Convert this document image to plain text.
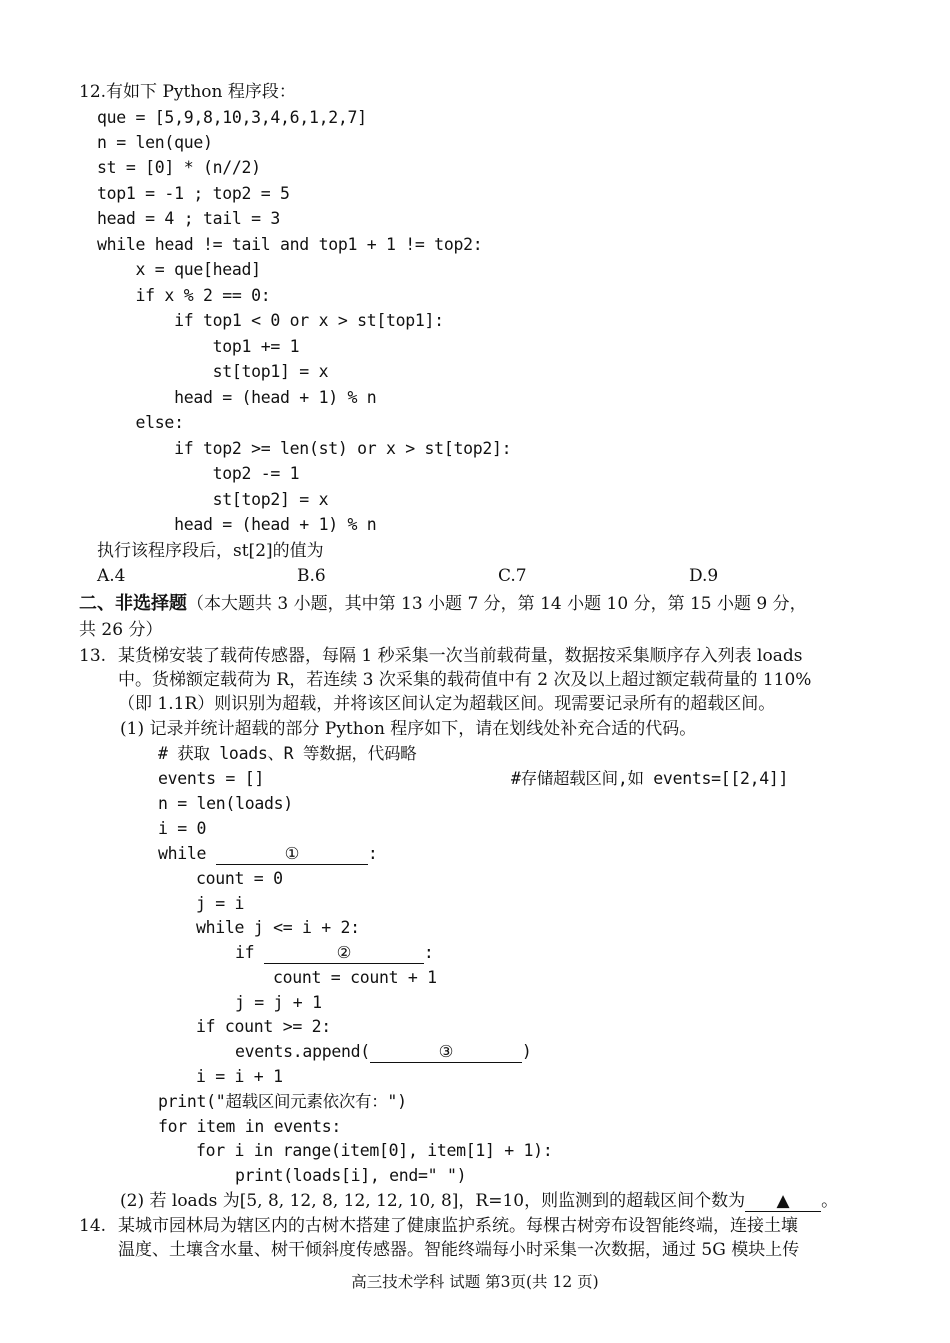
12.有如下 Python 程序段：
que = [5,9,8,10,3,4,6,1,2,7]
n = len(que)
st = [0] * (n//2)
top1 = -1 ; top2 = 5
head = 4 ; tail = 3
while head != tail and top1 + 1 != top2:
x = que[head]
if x % 2 == 0:
if top1 < 0 or x > st[top1]:
top1 += 1
st[top1] = x
head = (head + 1) % n
else:
if top2 >= len(st) or x > st[top2]:
top2 -= 1
st[top2] = x
head = (head + 1) % n
执行该程序段后，st[2]的值为
A.4	B.6	C.7	D.9
二、非选择题（本大题共 3 小题，其中第 13 小题 7 分，第 14 小题 10 分，第 15 小题 9 分，
共 26 分）
13. 某货梯安装了载荷传感器，每隔 1 秒采集一次当前载荷量，数据按采集顺序存入列表 loads
中。货梯额定载荷为 R，若连续 3 次采集的载荷值中有 2 次及以上超过额定载荷量的 110%
（即 1.1R）则识别为超载，并将该区间认定为超载区间。现需要记录所有的超载区间。
(1) 记录并统计超载的部分 Python 程序如下，请在划线处补充合适的代码。
# 获取 loads、R 等数据，代码略
events = []	#存储超载区间,如 events=[[2,4]]
n = len(loads)
i = 0
while	①	:
count = 0
j = i
while j <= i + 2:
if	②	:
count = count + 1
j = j + 1
if count >= 2:
events.append(	③	)
i = i + 1
print("超载区间元素依次有：")
for item in events:
for i in range(item[0], item[1] + 1):
print(loads[i], end=" ")
(2) 若 loads 为[5, 8, 12, 8, 12, 12, 10, 8]，R=10，则监测到的超载区间个数为 ▲ 。
14. 某城市园林局为辖区内的古树木搭建了健康监护系统。每棵古树旁布设智能终端，连接土壤
温度、土壤含水量、树干倾斜度传感器。智能终端每小时采集一次数据，通过 5G 模块上传
高三技术学科 试题 第3页(共 12 页)
